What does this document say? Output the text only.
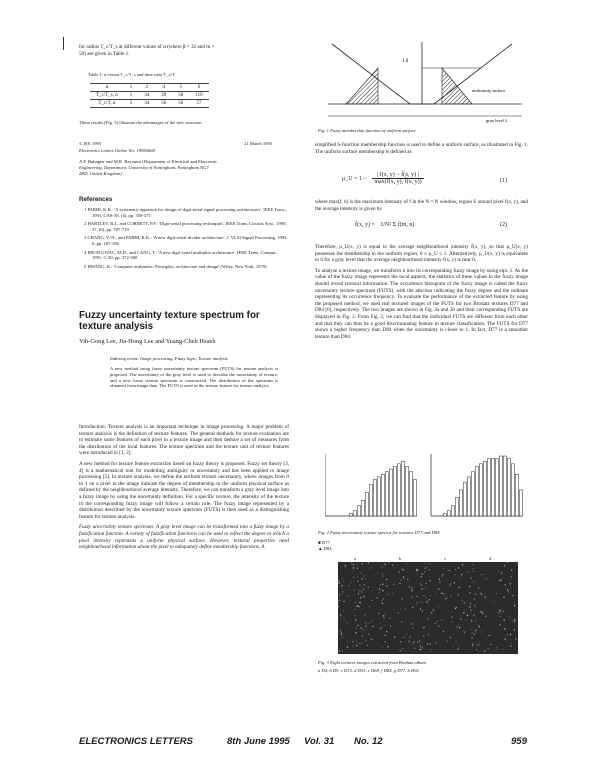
for radius T_c/T_s at different values of α (where β = 32 and m =
50) are given in Table 1.
Table 1: α versus T_c/T_s and time ratio T_c/T
α	1	2	4	5	6
T_c/T_s, α	1	34	39	50	110
T_c/T, α	5	34	56	56	57
These results (Fig. 5) illustrate the advantages of the new structure.
© IEE 1995	21 March 1995
Electronics Letters Online No: 19950668
A.F. Buhagiar and M.R. Bayoumi (Department of Electrical and Electronic
Engineering, Department, University of Nottingham, Nottingham NG7
2RD, United Kingdom)
References

1 PARHI, K.K.: 'A systematic approach for design of digit-serial signal processing architectures', IEEE Trans., 1991, CAS-38, (4), pp. 358-375

2 HARTLEY, R.I., and CORBETT, P.F.: 'Digit-serial processing techniques', IEEE Trans. Circuits Syst., 1990, 37, (6), pp. 707-719

3 CHANG, Y.-N., and PARHI, K.K.: 'A new digit-serial divider architecture', J. VLSI Signal Processing, 1993, 6, pp. 187-196

4 ERCEGOVAC, M.D., and LANG, T.: 'A new digit-serial multiplier architecture', IEEE Trans. Comput., 1991, C-40, pp. 372-380

5 HWANG, K.: 'Computer arithmetic: Principles, architecture and design' (Wiley, New York, 1979)

Fuzzy uncertainty texture spectrum for
texture analysis
Yih-Gong Lee, Jia-Hong Lee and Yuang-Cheh Hsueh
Indexing terms: Image processing, Fuzzy logic, Texture analysis
A new method using fuzzy uncertainty texture spectrum (FUTS) for texture analysis is proposed. The uncertainty of the gray level is used to describe the uncertainty of texture, and a new fuzzy texture spectrum is constructed. The distribution of the spectrum is obtained from image data. The FUTS is used as the texture feature for texture analysis.

Introduction: Texture analysis is an important technique in image processing. A major problem of texture analysis is the definition of texture features. The general methods for texture evaluation are to estimate some features of each pixel in a texture image and then deduce a set of measures from the distribution of the local features. The texture spectrum and the texture unit of texture features were introduced in [1, 2].

A new method for texture feature extraction based on fuzzy theory is proposed. Fuzzy set theory [3, 4] is a mathematical tool for modelling ambiguity or uncertainty and has been applied to image processing [5]. In texture analysis, we define the uniform texture uncertainty, where images from 0 to 1 on a pixel in the image indicate the degree of membership to the uniform physical surface as defined by the neighbourhood average intensity. Therefore, we can transform a gray level image into a fuzzy image by using the uncertainty definition. For a specific texture, the intensity of the texture in the corresponding fuzzy image will follow a certain rule. The fuzzy image represented by a distribution described by the uncertainty texture spectrum (FUTS) is then used as a distinguishing feature for texture analysis.

Fuzzy uncertainty texture spectrum: A gray level image can be transformed into a fuzzy image by a fuzzification function. A variety of fuzzification functions can be used to reflect the degree to which a pixel intensity represents a uniform physical surface. However, textural properties need neighbourhood information about the pixel to adequately define membership functions. A

1.0
uniformity surface
gray level ξ
Fig. 1 Fuzzy membership function of uniform surface

simplified S-function membership function is used to define a uniform surface, as illustrated in Fig. 1. The uniform surface membership is defined as

μ_U = 1 −
| f(x, y) − f̄(x, y) |
max(f(x, y), f̄(x, y))	(1)

where max(f, b) is the maximum intensity of f in the N × N window, region S around pixel f(x, y), and the average intensity is given by

f̄(x, y) = 1/N² Σ f(m, n)	(2)

Therefore, μ_U(x, y) is equal to the average neighbourhood intensity f̄(x, y), so that μ_U(x, y) possesses the membership in the uniform region, 0 ≤ μ_U ≤ 1. Alternatively, μ_U(x, y) is equivalent to 0 for a gray level that the average neighbourhood intensity f(x, y) is near 0.

To analyse a texture image, we transform it into its corresponding fuzzy image by using eqn. 1. As the value of the fuzzy image represents the local aspects, the statistics of these values in the fuzzy image should reveal textural information. The occurrence histogram of the fuzzy image is called the fuzzy uncertainty texture spectrum (FUTS), with the abscissa indicating the fuzzy degree and the ordinate representing its occurrence frequency. To evaluate the performance of the extracted feature by using the proposed method, we used real textured images of the FUTS for two Brodatz textures D77 and D84 [6], respectively. The two images are shown in Fig. 3a and 3b and their corresponding FUTS are displayed in Fig. 2. From Fig. 2, we can find that the individual FUTS are different from each other and that they can thus be a good discriminating feature in texture classification. The FUTS for D77 shows a higher frequency than D84 when the uncertainty is closer to 1. In fact, D77 is a smoother texture than D84.

Fig. 2 Fuzzy uncertainty texture spectra for textures D77 and D84
■ D77
▲ D84
a	b	c	d
Fig. 3 Eight textures images extracted from Brodatz album
a D4, b D9, c D15, d D33, e D68, f D84, g D77, h D92
ELECTRONICS LETTERS	8th June 1995 Vol. 31 No. 12	959
